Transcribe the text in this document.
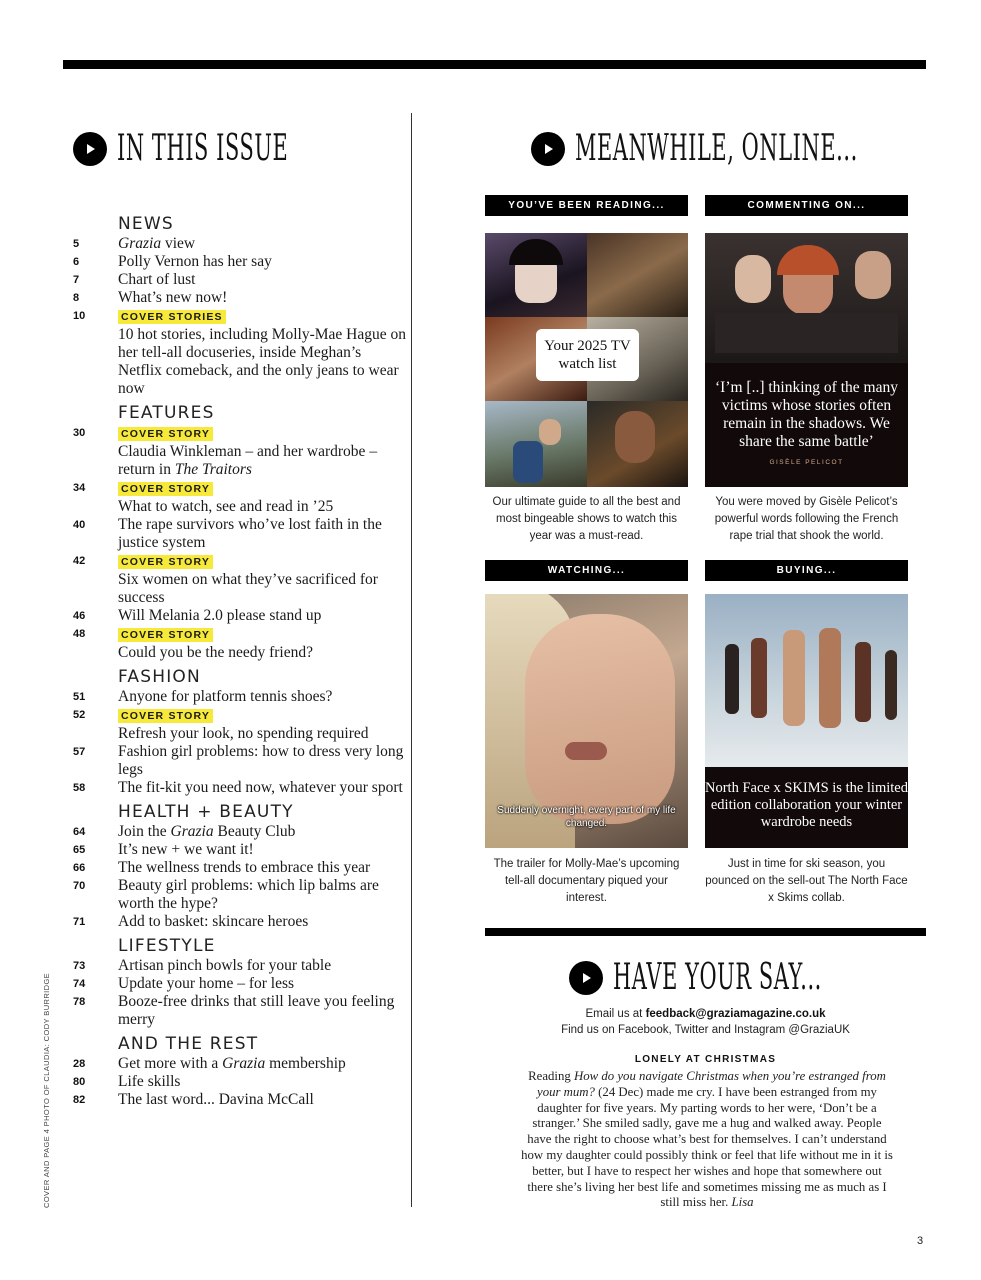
IN THIS ISSUE
NEWS
5	Grazia view
6	Polly Vernon has her say
7	Chart of lust
8	What’s new now!
10	COVER STORIES
10 hot stories, including Molly-Mae Hague on her tell-all docuseries, inside Meghan’s Netflix comeback, and the only jeans to wear now
FEATURES
30	COVER STORY
Claudia Winkleman – and her wardrobe – return in The Traitors
34	COVER STORY
What to watch, see and read in ’25
40	The rape survivors who’ve lost faith in the justice system
42	COVER STORY
Six women on what they’ve sacrificed for success
46	Will Melania 2.0 please stand up
48	COVER STORY
Could you be the needy friend?
FASHION
51	Anyone for platform tennis shoes?
52	COVER STORY
Refresh your look, no spending required
57	Fashion girl problems: how to dress very long legs
58	The fit-kit you need now, whatever your sport
HEALTH + BEAUTY
64	Join the Grazia Beauty Club
65	It’s new + we want it!
66	The wellness trends to embrace this year
70	Beauty girl problems: which lip balms are worth the hype?
71	Add to basket: skincare heroes
LIFESTYLE
73	Artisan pinch bowls for your table
74	Update your home – for less
78	Booze-free drinks that still leave you feeling merry
AND THE REST
28	Get more with a Grazia membership
80	Life skills
82	The last word... Davina McCall
MEANWHILE, ONLINE...
YOU’VE BEEN READING...
Your 2025 TV watch list
Our ultimate guide to all the best and most bingeable shows to watch this year was a must-read.
COMMENTING ON...
‘I’m [..] thinking of the many victims whose stories often remain in the shadows. We share the same battle’
GISÈLE PELICOT
You were moved by Gisèle Pelicot’s powerful words following the French rape trial that shook the world.
WATCHING...
Suddenly overnight, every part of my life changed.
The trailer for Molly-Mae’s upcoming tell-all documentary piqued your interest.
BUYING...
North Face x SKIMS is the limited edition collaboration your winter wardrobe needs
Just in time for ski season, you pounced on the sell-out The North Face x Skims collab.
HAVE YOUR SAY...
Email us at feedback@graziamagazine.co.uk
Find us on Facebook, Twitter and Instagram @GraziaUK
LONELY AT CHRISTMAS
Reading How do you navigate Christmas when you’re estranged from your mum? (24 Dec) made me cry. I have been estranged from my daughter for five years. My parting words to her were, ‘Don’t be a stranger.’ She smiled sadly, gave me a hug and walked away. People have the right to choose what’s best for themselves. I can’t understand how my daughter could possibly think or feel that life without me in it is better, but I have to respect her wishes and hope that somewhere out there she’s living her best life and sometimes missing me as much as I still miss her. Lisa
COVER AND PAGE 4 PHOTO OF CLAUDIA: CODY BURRIDGE
3
